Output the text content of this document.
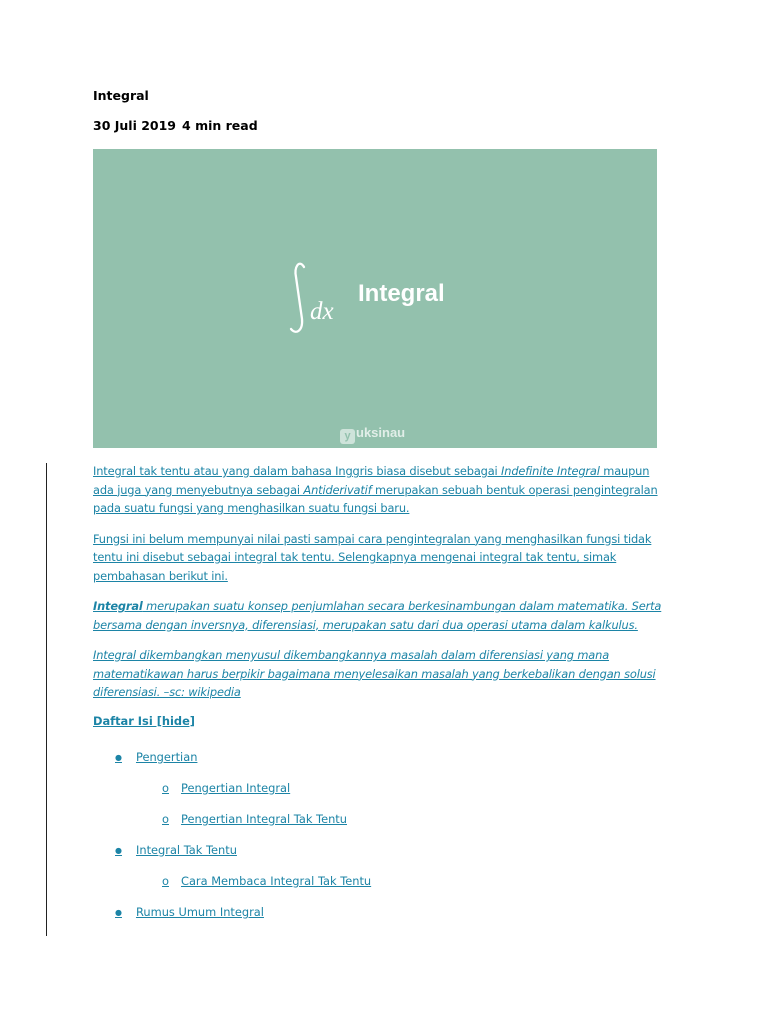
Integral
30 Juli 2019 4 min read
dx
Integral
y uksinau

Integral tak tentu atau yang dalam bahasa Inggris biasa disebut sebagai Indefinite Integral maupun ada juga yang menyebutnya sebagai Antiderivatif merupakan sebuah bentuk operasi pengintegralan pada suatu fungsi yang menghasilkan suatu fungsi baru.

Fungsi ini belum mempunyai nilai pasti sampai cara pengintegralan yang menghasilkan fungsi tidak tentu ini disebut sebagai integral tak tentu. Selengkapnya mengenai integral tak tentu, simak pembahasan berikut ini.

Integral merupakan suatu konsep penjumlahan secara berkesinambungan dalam matematika. Serta bersama dengan inversnya, diferensiasi, merupakan satu dari dua operasi utama dalam kalkulus.

Integral dikembangkan menyusul dikembangkannya masalah dalam diferensiasi yang mana matematikawan harus berpikir bagaimana menyelesaikan masalah yang berkebalikan dengan solusi diferensiasi. –sc: wikipedia

Daftar Isi [hide]
● Pengertian
o Pengertian Integral
o Pengertian Integral Tak Tentu
● Integral Tak Tentu
o Cara Membaca Integral Tak Tentu
● Rumus Umum Integral
